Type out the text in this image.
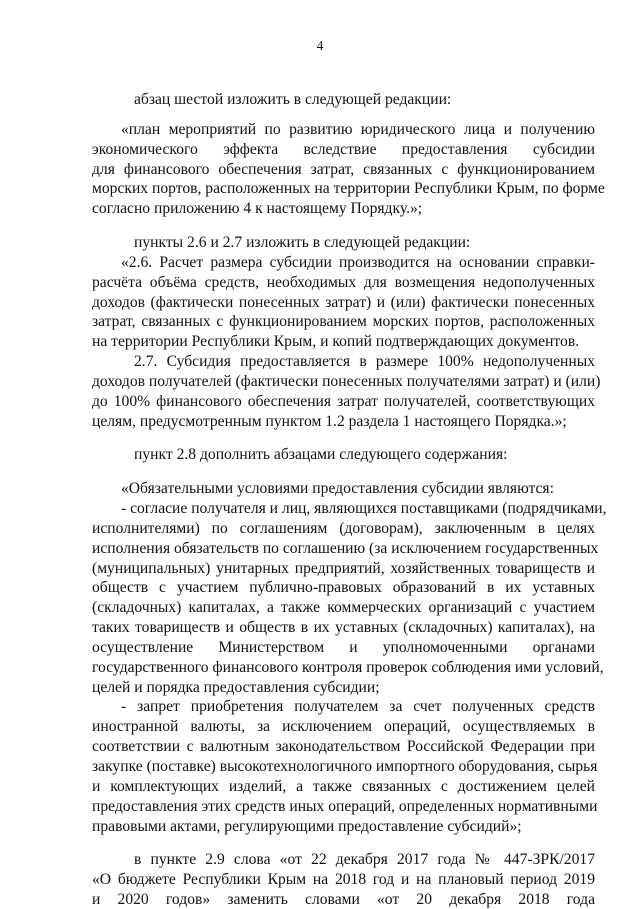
4

абзац шестой изложить в следующей редакции:

«план мероприятий по развитию юридического лица и получению

экономического эффекта вследствие предоставления субсидии

для финансового обеспечения затрат, связанных с функционированием

морских портов, расположенных на территории Республики Крым, по форме

согласно приложению 4 к настоящему Порядку.»;

пункты 2.6 и 2.7 изложить в следующей редакции:

«2.6. Расчет размера субсидии производится на основании справки-

расчёта объёма средств, необходимых для возмещения недополученных

доходов (фактически понесенных затрат) и (или) фактически понесенных

затрат, связанных с функционированием морских портов, расположенных

на территории Республики Крым, и копий подтверждающих документов.

2.7. Субсидия предоставляется в размере 100% недополученных

доходов получателей (фактически понесенных получателями затрат) и (или)

до 100% финансового обеспечения затрат получателей, соответствующих

целям, предусмотренным пунктом 1.2 раздела 1 настоящего Порядка.»;

пункт 2.8 дополнить абзацами следующего содержания:

«Обязательными условиями предоставления субсидии являются:

- согласие получателя и лиц, являющихся поставщиками (подрядчиками,

исполнителями) по соглашениям (договорам), заключенным в целях

исполнения обязательств по соглашению (за исключением государственных

(муниципальных) унитарных предприятий, хозяйственных товариществ и

обществ с участием публично-правовых образований в их уставных

(складочных) капиталах, а также коммерческих организаций с участием

таких товариществ и обществ в их уставных (складочных) капиталах), на

осуществление Министерством и уполномоченными органами

государственного финансового контроля проверок соблюдения ими условий,

целей и порядка предоставления субсидии;

- запрет приобретения получателем за счет полученных средств

иностранной валюты, за исключением операций, осуществляемых в

соответствии с валютным законодательством Российской Федерации при

закупке (поставке) высокотехнологичного импортного оборудования, сырья

и комплектующих изделий, а также связанных с достижением целей

предоставления этих средств иных операций, определенных нормативными

правовыми актами, регулирующими предоставление субсидий»;

в пункте 2.9 слова «от 22 декабря 2017 года № 447-ЗРК/2017

«О бюджете Республики Крым на 2018 год и на плановый период 2019

и 2020 годов» заменить словами «от 20 декабря 2018 года
